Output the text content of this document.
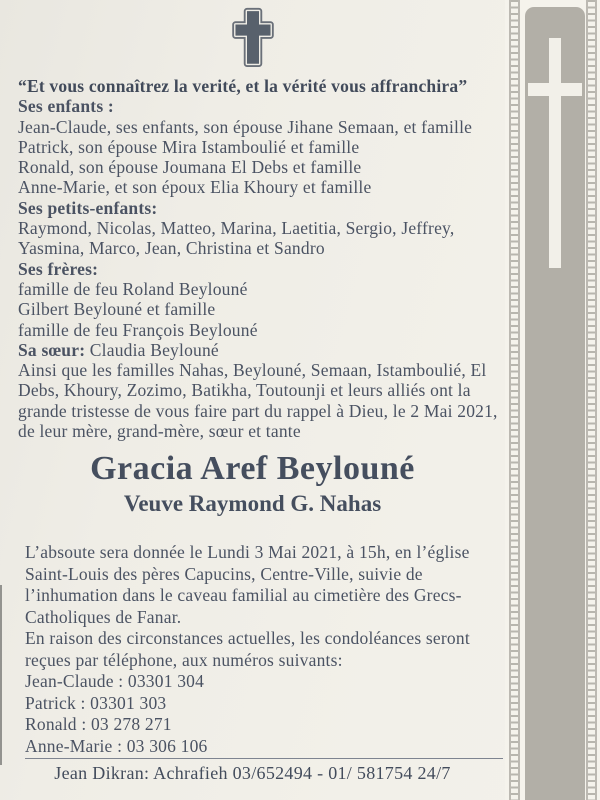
“Et vous connaîtrez la verité, et la vérité vous affranchira”
Ses enfants :
Jean-Claude, ses enfants, son épouse Jihane Semaan, et famille
Patrick, son épouse Mira Istamboulié et famille
Ronald, son épouse Joumana El Debs et famille
Anne-Marie, et son époux Elia Khoury et famille
Ses petits-enfants:
Raymond, Nicolas, Matteo, Marina, Laetitia, Sergio, Jeffrey,
Yasmina, Marco, Jean, Christina et Sandro
Ses frères:
famille de feu Roland Beylouné
Gilbert Beylouné et famille
famille de feu François Beylouné
Sa sœur: Claudia Beylouné
Ainsi que les familles Nahas, Beylouné, Semaan, Istamboulié, El
Debs, Khoury, Zozimo, Batikha, Toutounji et leurs alliés ont la
grande tristesse de vous faire part du rappel à Dieu, le 2 Mai 2021,
de leur mère, grand-mère, sœur et tante
Gracia Aref Beylouné
Veuve Raymond G. Nahas
L’absoute sera donnée le Lundi 3 Mai 2021, à 15h, en l’église
Saint-Louis des pères Capucins, Centre-Ville, suivie de
l’inhumation dans le caveau familial au cimetière des Grecs-
Catholiques de Fanar.
En raison des circonstances actuelles, les condoléances seront
reçues par téléphone, aux numéros suivants:
Jean-Claude : 03301 304
Patrick : 03301 303
Ronald : 03 278 271
Anne-Marie : 03 306 106
Jean Dikran: Achrafieh 03/652494 - 01/ 581754 24/7
